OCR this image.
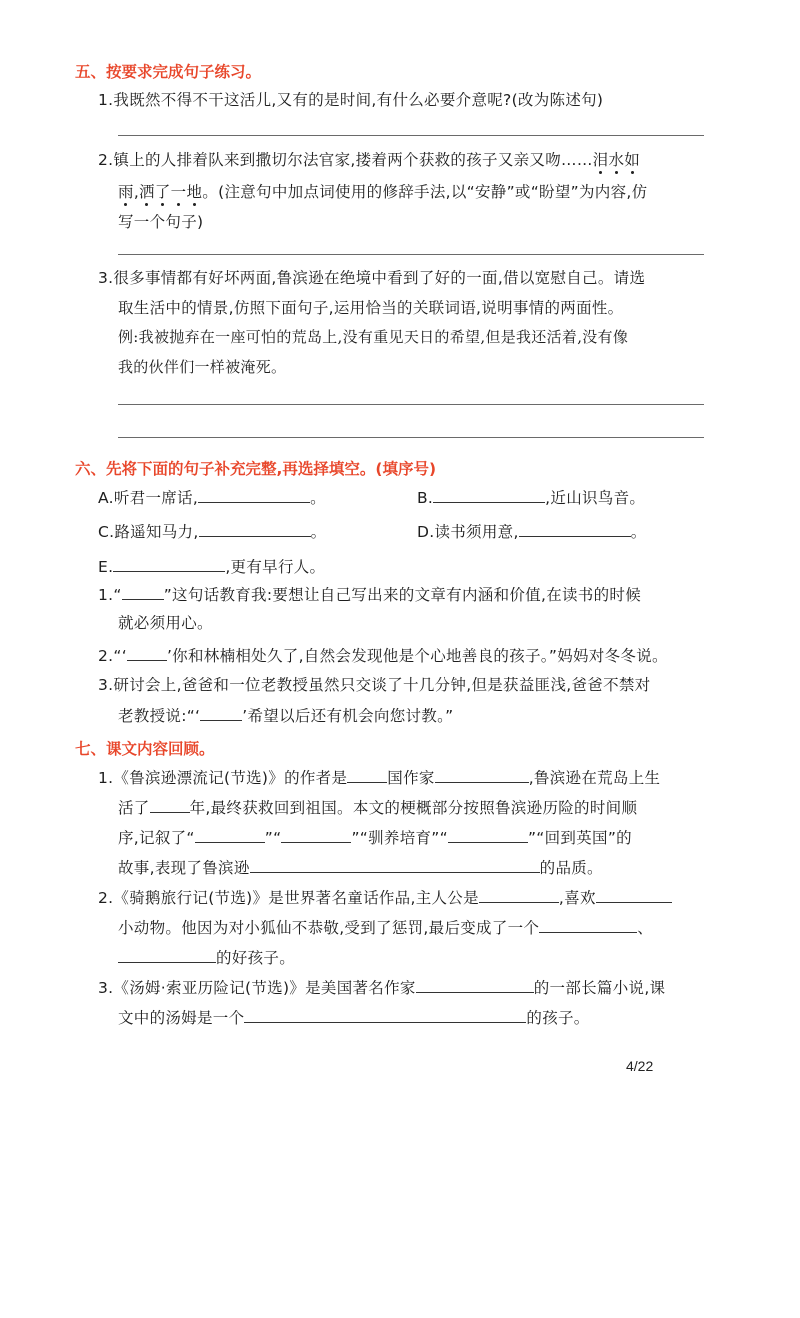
五、按要求完成句子练习。
1.我既然不得不干这活儿,又有的是时间,有什么必要介意呢?(改为陈述句)
2.镇上的人排着队来到撒切尔法官家,搂着两个获救的孩子又亲又吻……泪水如
雨,洒了一地。(注意句中加点词使用的修辞手法,以“安静”或“盼望”为内容,仿
写一个句子)
3.很多事情都有好坏两面,鲁滨逊在绝境中看到了好的一面,借以宽慰自己。请选
取生活中的情景,仿照下面句子,运用恰当的关联词语,说明事情的两面性。
例:我被抛弃在一座可怕的荒岛上,没有重见天日的希望,但是我还活着,没有像
我的伙伴们一样被淹死。
六、先将下面的句子补充完整,再选择填空。(填序号)
A.听君一席话,	。	B.	,近山识鸟音。
C.路遥知马力,	。	D.读书须用意,	。
E.	,更有早行人。
1.“	”这句话教育我:要想让自己写出来的文章有内涵和价值,在读书的时候
就必须用心。
2.“‘	’你和林楠相处久了,自然会发现他是个心地善良的孩子。”妈妈对冬冬说。
3.研讨会上,爸爸和一位老教授虽然只交谈了十几分钟,但是获益匪浅,爸爸不禁对
老教授说:“‘	’希望以后还有机会向您讨教。”
七、课文内容回顾。
1.《鲁滨逊漂流记(节选)》的作者是	国作家	,鲁滨逊在荒岛上生
活了	年,最终获救回到祖国。本文的梗概部分按照鲁滨逊历险的时间顺
序,记叙了“	”“	”“驯养培育”“	”“回到英国”的
故事,表现了鲁滨逊	的品质。
2.《骑鹅旅行记(节选)》是世界著名童话作品,主人公是	,喜欢
小动物。他因为对小狐仙不恭敬,受到了惩罚,最后变成了一个	、
的好孩子。
3.《汤姆·索亚历险记(节选)》是美国著名作家	的一部长篇小说,课
文中的汤姆是一个	的孩子。
4/22
